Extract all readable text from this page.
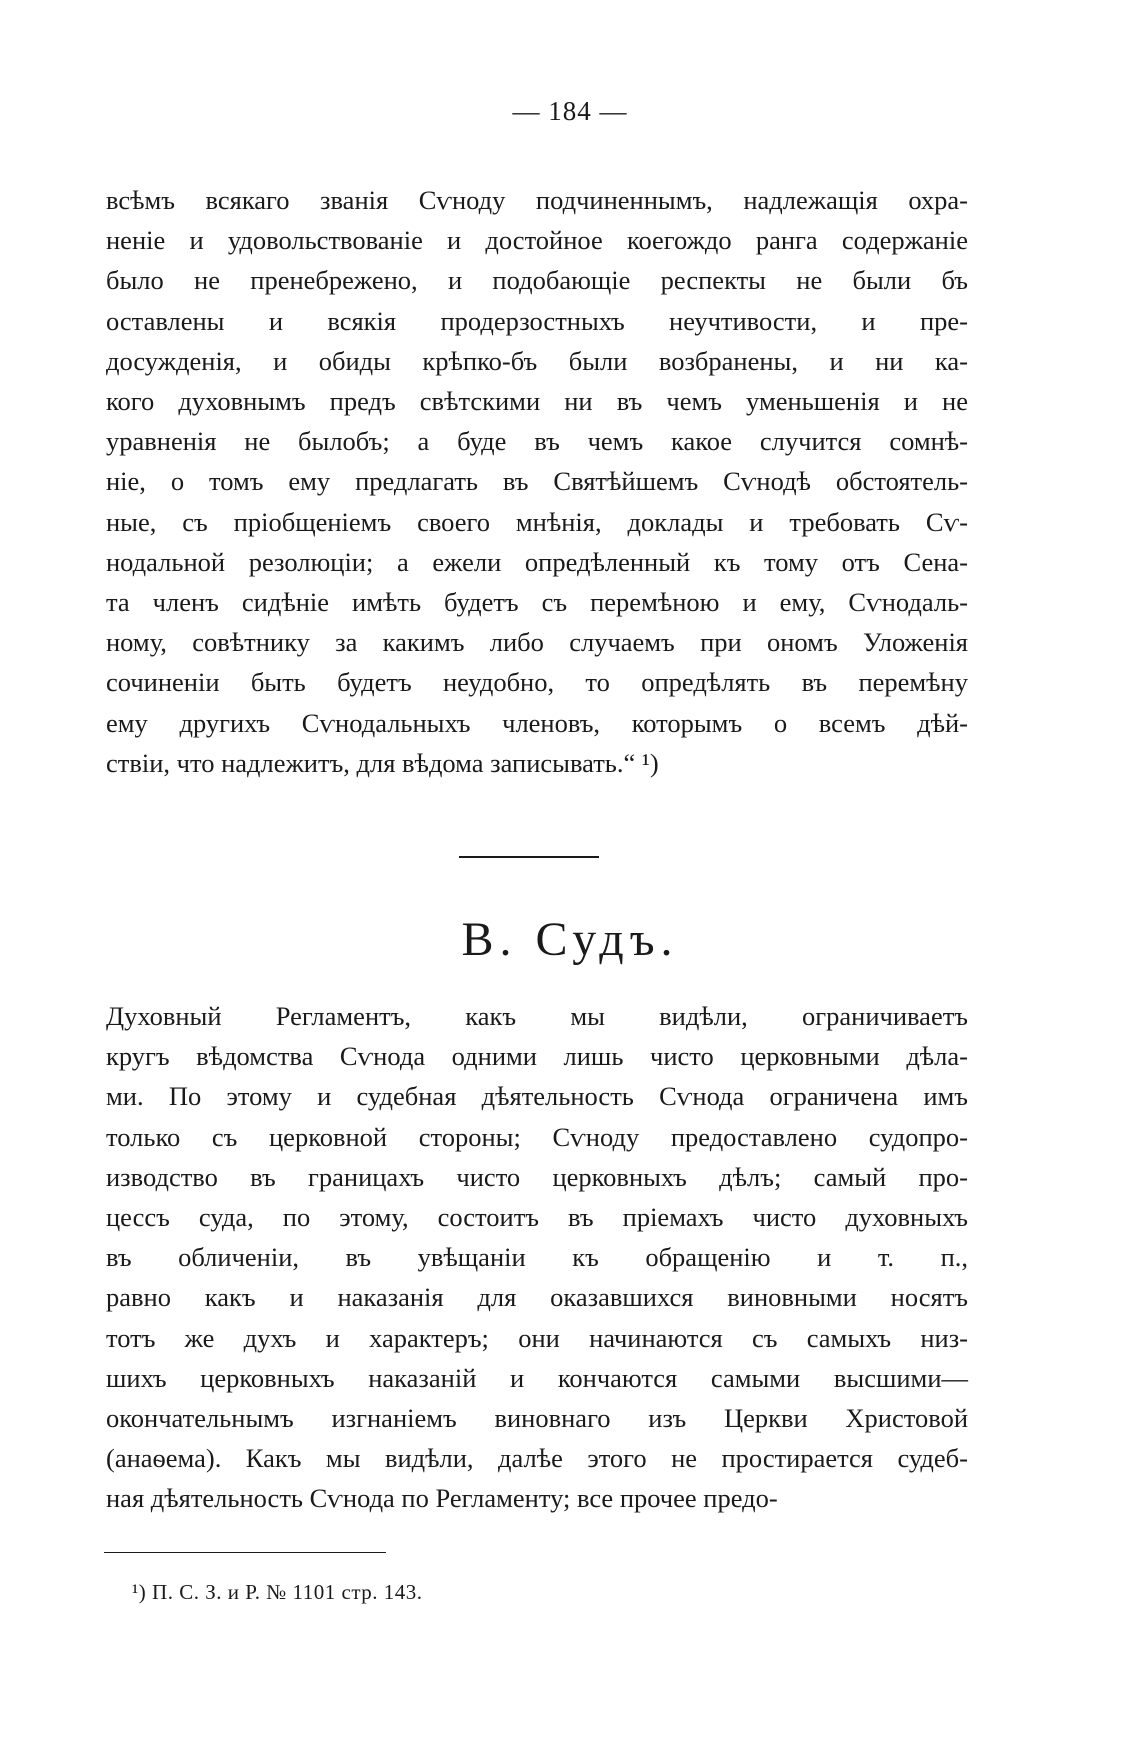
— 184 —
всѣмъ всякаго званія Сѵноду подчиненнымъ, надлежащія охра-
неніе и удовольствованіе и достойное коегождо ранга содержаніе
было не пренебрежено, и подобающіе респекты не были бъ
оставлены и всякія продерзостныхъ неучтивости, и пре-
досужденія, и обиды крѣпко-бъ были возбранены, и ни ка-
кого духовнымъ предъ свѣтскими ни въ чемъ уменьшенія и не
уравненія не былобъ; а буде въ чемъ какое случится сомнѣ-
ніе, о томъ ему предлагать въ Святѣйшемъ Сѵнодѣ обстоятель-
ные, съ пріобщеніемъ своего мнѣнія, доклады и требовать Сѵ-
нодальной резолюціи; а ежели опредѣленный къ тому отъ Сена-
та членъ сидѣніе имѣть будетъ съ перемѣною и ему, Сѵнодаль-
ному, совѣтнику за какимъ либо случаемъ при ономъ Уложенія
сочиненіи быть будетъ неудобно, то опредѣлять въ перемѣну
ему другихъ Сѵнодальныхъ членовъ, которымъ о всемъ дѣй-
ствіи, что надлежитъ, для вѣдома записывать.“ ¹)
В. Судъ.
Духовный Регламентъ, какъ мы видѣли, ограничиваетъ
кругъ вѣдомства Сѵнода одними лишь чисто церковными дѣла-
ми. По этому и судебная дѣятельность Сѵнода ограничена имъ
только съ церковной стороны; Сѵноду предоставлено судопро-
изводство въ границахъ чисто церковныхъ дѣлъ; самый про-
цессъ суда, по этому, состоитъ въ пріемахъ чисто духовныхъ
въ обличеніи, въ увѣщаніи къ обращенію и т. п.,
равно какъ и наказанія для оказавшихся виновными носятъ
тотъ же духъ и характеръ; они начинаются съ самыхъ низ-
шихъ церковныхъ наказаній и кончаются самыми высшими—
окончательнымъ изгнаніемъ виновнаго изъ Церкви Христовой
(анаѳема). Какъ мы видѣли, далѣе этого не простирается судеб-
ная дѣятельность Сѵнода по Регламенту; все прочее предо-
¹) П. С. З. и Р. № 1101 стр. 143.
